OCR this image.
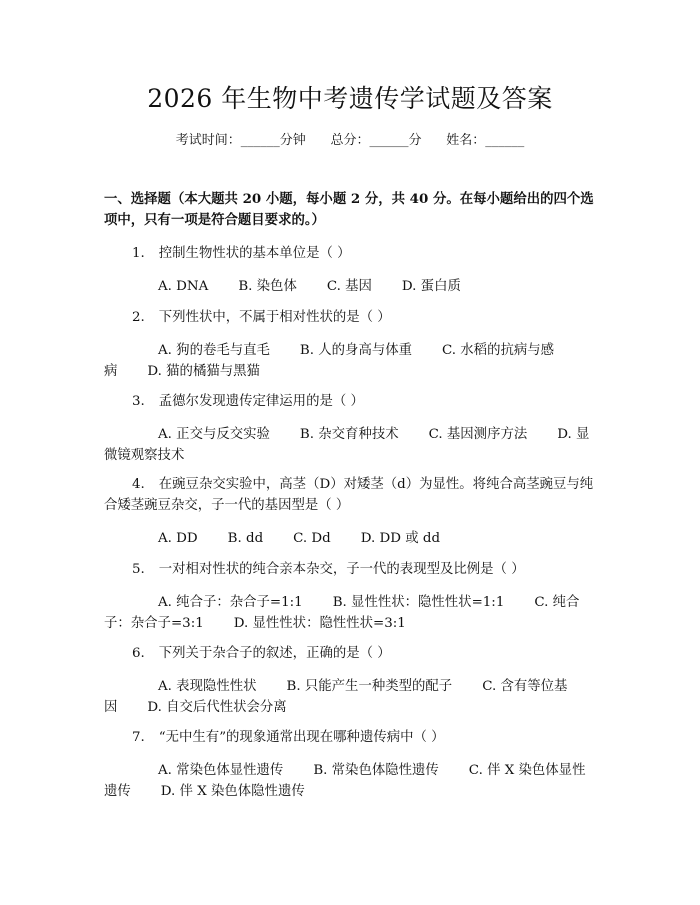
2026 年生物中考遗传学试题及答案
考试时间：______分钟      总分：______分      姓名：______
一、选择题（本大题共 20 小题，每小题 2 分，共 40 分。在每小题给出的四个选项中，只有一项是符合题目要求的。）
1. 控制生物性状的基本单位是（ ）
A. DNA B. 染色体 C. 基因 D. 蛋白质
2. 下列性状中，不属于相对性状的是（ ）
A. 狗的卷毛与直毛 B. 人的身高与体重 C. 水稻的抗病与感病 D. 猫的橘猫与黑猫
3. 孟德尔发现遗传定律运用的是（ ）
A. 正交与反交实验 B. 杂交育种技术 C. 基因测序方法 D. 显微镜观察技术
4. 在豌豆杂交实验中，高茎（D）对矮茎（d）为显性。将纯合高茎豌豆与纯合矮茎豌豆杂交，子一代的基因型是（ ）
A. DD B. dd C. Dd D. DD 或 dd
5. 一对相对性状的纯合亲本杂交，子一代的表现型及比例是（ ）
A. 纯合子：杂合子=1:1 B. 显性性状：隐性性状=1:1 C. 纯合子：杂合子=3:1 D. 显性性状：隐性性状=3:1
6. 下列关于杂合子的叙述，正确的是（ ）
A. 表现隐性性状 B. 只能产生一种类型的配子 C. 含有等位基因 D. 自交后代性状会分离
7. “无中生有”的现象通常出现在哪种遗传病中（ ）
A. 常染色体显性遗传 B. 常染色体隐性遗传 C. 伴 X 染色体显性遗传 D. 伴 X 染色体隐性遗传
